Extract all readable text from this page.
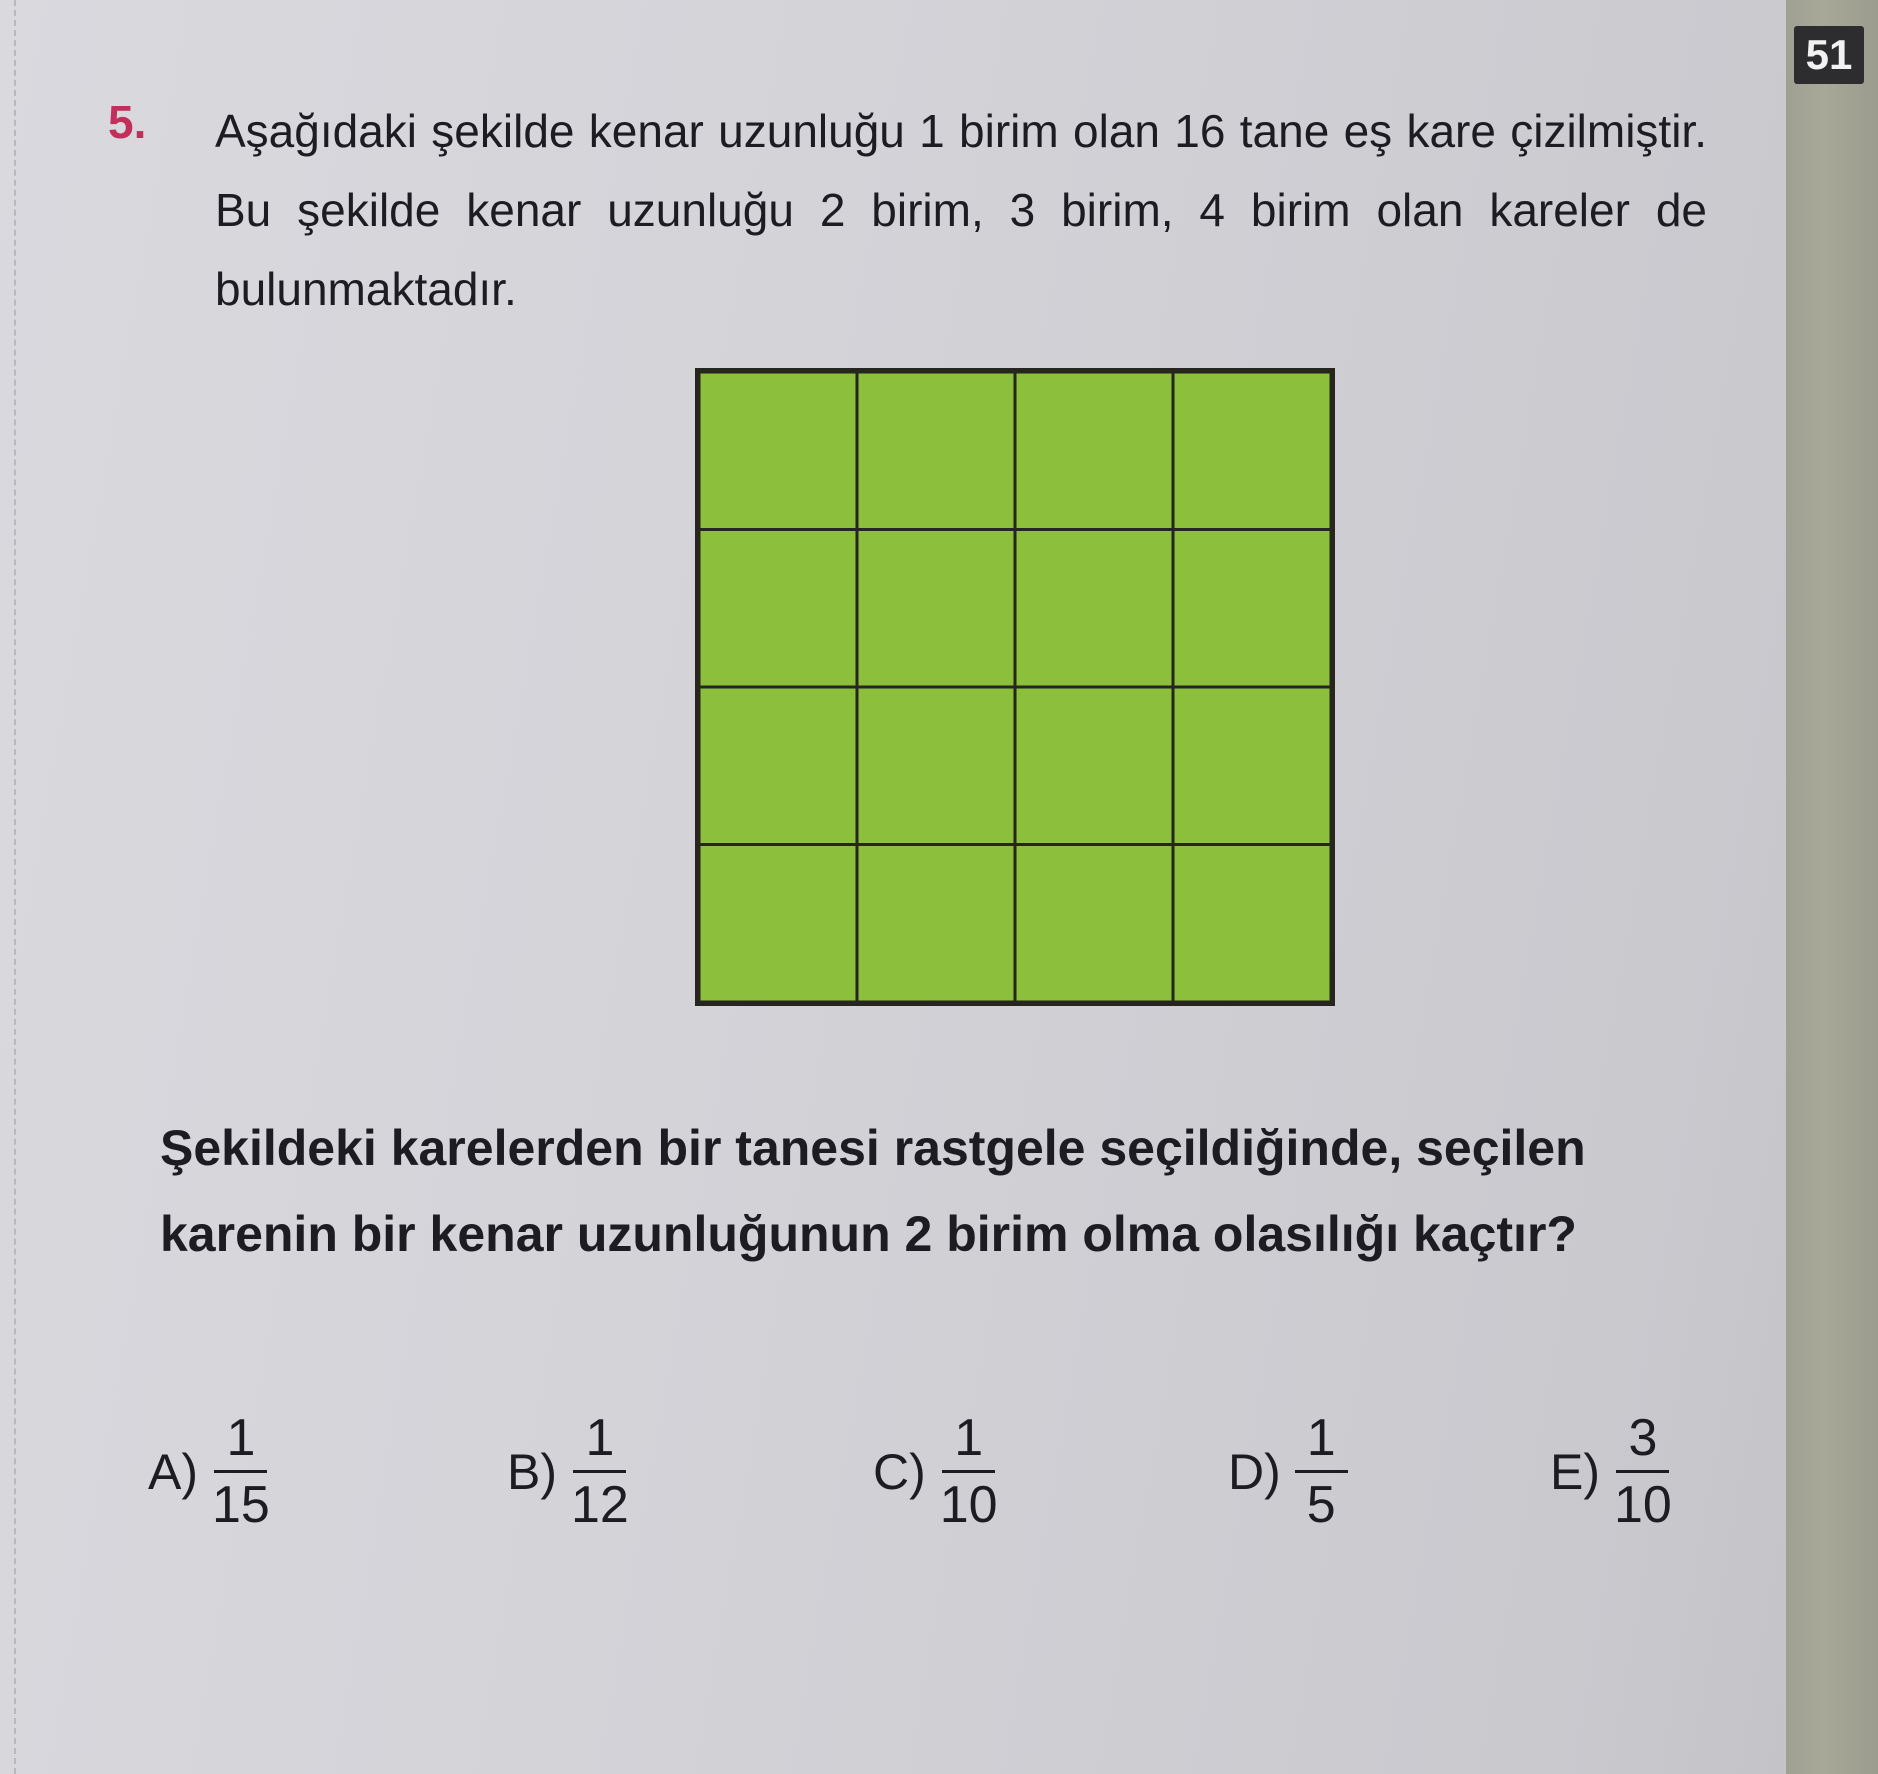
51
5. Aşağıdaki şekilde kenar uzunluğu 1 birim olan 16 tane eş kare çizilmiştir. Bu şekilde kenar uzunluğu 2 birim, 3 birim, 4 birim olan kareler de bulunmaktadır.

Şekildeki karelerden bir tanesi rastgele seçildiğinde, seçilen karenin bir kenar uzunluğunun 2 birim olma olasılığı kaçtır?

$A) \frac{1}{15}$	$B) \frac{1}{12}$	$C) \frac{1}{10}$	$D) \frac{1}{5}$	$E) \frac{3}{10}$
